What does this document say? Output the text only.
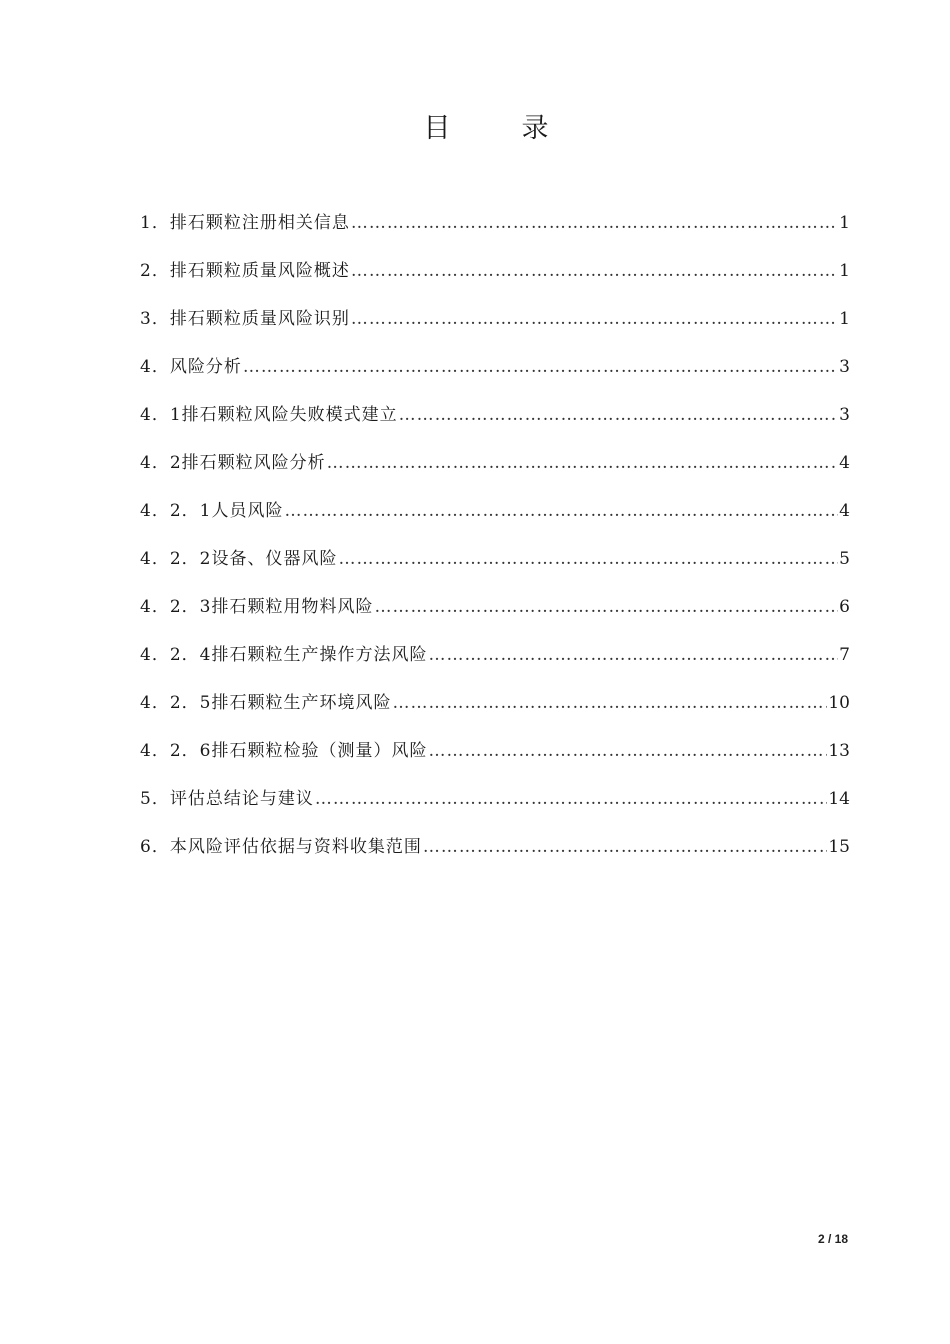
目　录
1． 排石颗粒注册相关信息 ……………………………………………………………………………………………………………………………………………………………………………………	1
2． 排石颗粒质量风险概述 ……………………………………………………………………………………………………………………………………………………………………………………	1
3． 排石颗粒质量风险识别 ……………………………………………………………………………………………………………………………………………………………………………………	1
4． 风险分析 ……………………………………………………………………………………………………………………………………………………………………………………	3
4．1 排石颗粒风险失败模式建立 ……………………………………………………………………………………………………………………………………………………………………………………	3
4．2 排石颗粒风险分析 ……………………………………………………………………………………………………………………………………………………………………………………	4
4．2．1 人员风险 ……………………………………………………………………………………………………………………………………………………………………………………	4
4．2．2 设备、仪器风险 ……………………………………………………………………………………………………………………………………………………………………………………	5
4．2．3 排石颗粒用物料风险 ……………………………………………………………………………………………………………………………………………………………………………………	6
4．2．4 排石颗粒生产操作方法风险 ……………………………………………………………………………………………………………………………………………………………………………………	7
4．2．5 排石颗粒生产环境风险 ……………………………………………………………………………………………………………………………………………………………………………………	10
4．2．6 排石颗粒检验（测量）风险 ……………………………………………………………………………………………………………………………………………………………………………………	13
5． 评估总结论与建议 ……………………………………………………………………………………………………………………………………………………………………………………	14
6． 本风险评估依据与资料收集范围 ……………………………………………………………………………………………………………………………………………………………………………………	15
2 / 18
